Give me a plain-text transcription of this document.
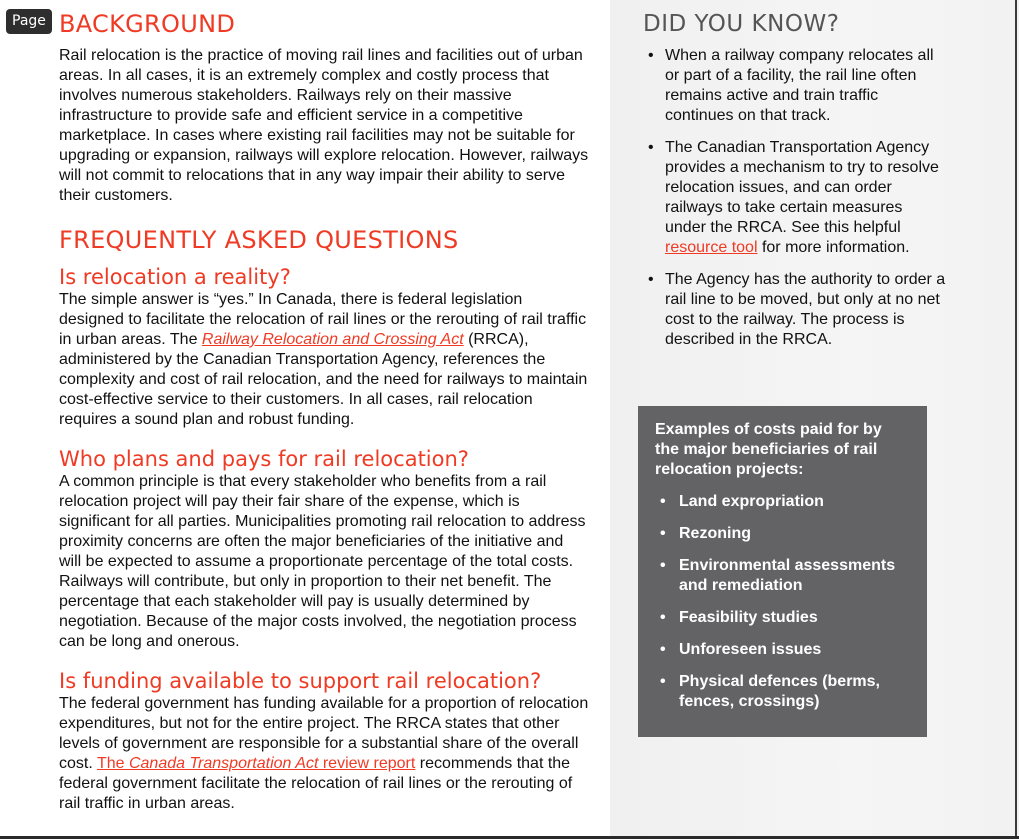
Page BACKGROUND

Rail relocation is the practice of moving rail lines and facilities out of urban areas. In all cases, it is an extremely complex and costly process that involves numerous stakeholders. Railways rely on their massive infrastructure to provide safe and efficient service in a competitive marketplace. In cases where existing rail facilities may not be suitable for upgrading or expansion, railways will explore relocation. However, railways will not commit to relocations that in any way impair their ability to serve their customers.

FREQUENTLY ASKED QUESTIONS
Is relocation a reality?

The simple answer is “yes.” In Canada, there is federal legislation designed to facilitate the relocation of rail lines or the rerouting of rail traffic in urban areas. The Railway Relocation and Crossing Act (RRCA), administered by the Canadian Transportation Agency, references the complexity and cost of rail relocation, and the need for railways to maintain cost-effective service to their customers. In all cases, rail relocation requires a sound plan and robust funding.

Who plans and pays for rail relocation?

A common principle is that every stakeholder who benefits from a rail relocation project will pay their fair share of the expense, which is significant for all parties. Municipalities promoting rail relocation to address proximity concerns are often the major beneficiaries of the initiative and will be expected to assume a proportionate percentage of the total costs. Railways will contribute, but only in proportion to their net benefit. The percentage that each stakeholder will pay is usually determined by negotiation. Because of the major costs involved, the negotiation process can be long and onerous.

Is funding available to support rail relocation?

The federal government has funding available for a proportion of relocation expenditures, but not for the entire project. The RRCA states that other levels of government are responsible for a substantial share of the overall cost. The Canada Transportation Act review report recommends that the federal government facilitate the relocation of rail lines or the rerouting of rail traffic in urban areas.

DID YOU KNOW?
• When a railway company relocates all or part of a facility, the rail line often remains active and train traffic continues on that track.
• The Canadian Transportation Agency provides a mechanism to try to resolve relocation issues, and can order railways to take certain measures under the RRCA. See this helpful resource tool for more information.
• The Agency has the authority to order a rail line to be moved, but only at no net cost to the railway. The process is described in the RRCA.
Examples of costs paid for by the major beneficiaries of rail relocation projects:
• Land expropriation
• Rezoning
• Environmental assessments and remediation
• Feasibility studies
• Unforeseen issues
• Physical defences (berms, fences, crossings)
